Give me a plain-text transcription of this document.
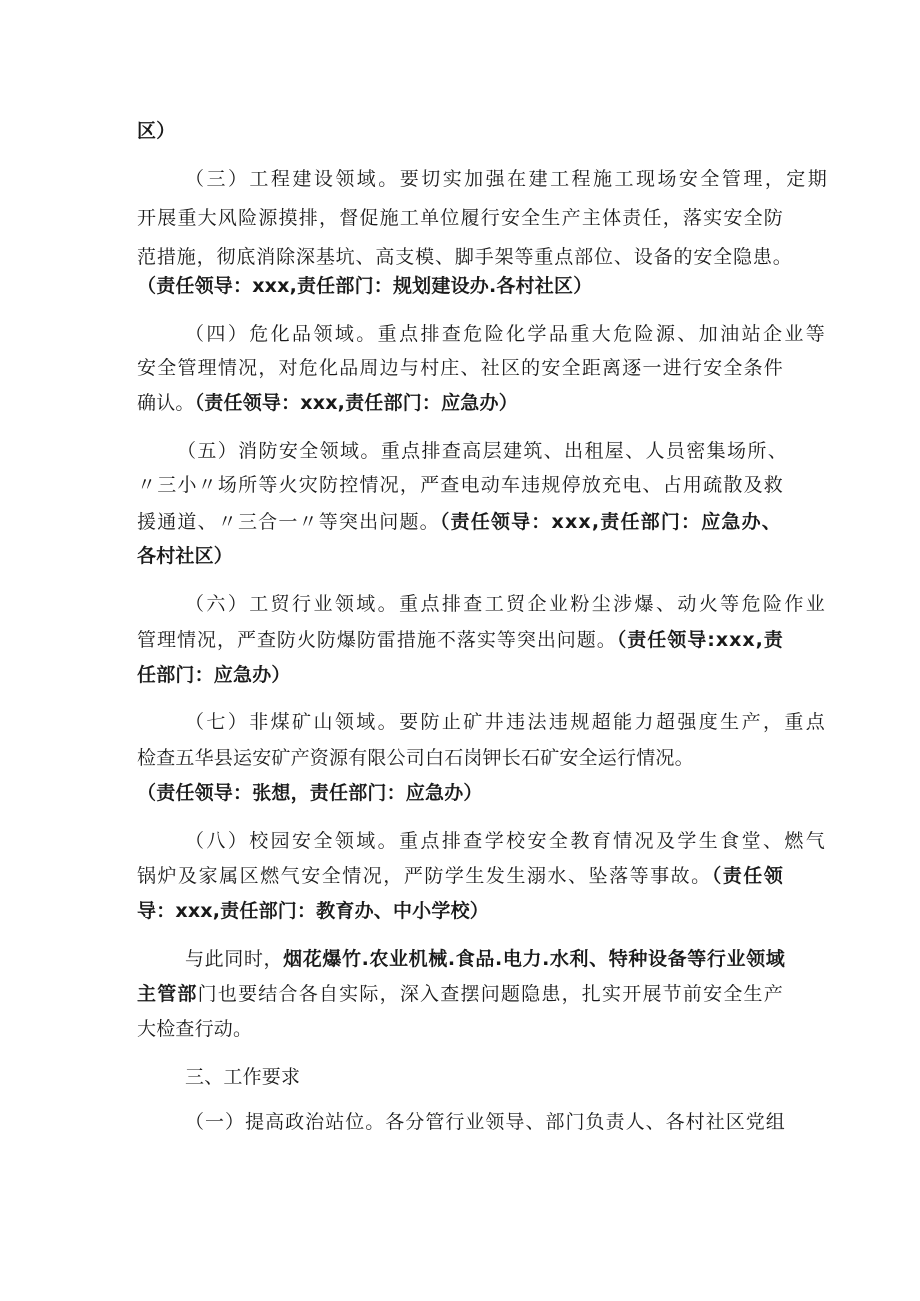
区）
（三）工程建设领域。要切实加强在建工程施工现场安全管理，定期
开展重大风险源摸排，督促施工单位履行安全生产主体责任，落实安全防
范措施，彻底消除深基坑、高支模、脚手架等重点部位、设备的安全隐患。
（责任领导：xxx,责任部门：规划建设办.各村社区）
（四）危化品领域。重点排查危险化学品重大危险源、加油站企业等
安全管理情况，对危化品周边与村庄、社区的安全距离逐一进行安全条件
确认。（责任领导：xxx,责任部门：应急办）
（五）消防安全领域。重点排查高层建筑、出租屋、人员密集场所、
〃三小〃场所等火灾防控情况，严查电动车违规停放充电、占用疏散及救
援通道、〃三合一〃等突出问题。（责任领导：xxx,责任部门：应急办、
各村社区）
（六）工贸行业领域。重点排查工贸企业粉尘涉爆、动火等危险作业
管理情况，严查防火防爆防雷措施不落实等突出问题。（责任领导:xxx,责
任部门：应急办）
（七）非煤矿山领域。要防止矿井违法违规超能力超强度生产，重点
检查五华县运安矿产资源有限公司白石岗钾长石矿安全运行情况。
（责任领导：张想，责任部门：应急办）
（八）校园安全领域。重点排查学校安全教育情况及学生食堂、燃气
锅炉及家属区燃气安全情况，严防学生发生溺水、坠落等事故。（责任领
导：xxx,责任部门：教育办、中小学校）
与此同时，烟花爆竹.农业机械.食品.电力.水利、特种设备等行业领域
主管部门也要结合各自实际，深入查摆问题隐患，扎实开展节前安全生产
大检查行动。
三、工作要求
（一）提高政治站位。各分管行业领导、部门负责人、各村社区党组
